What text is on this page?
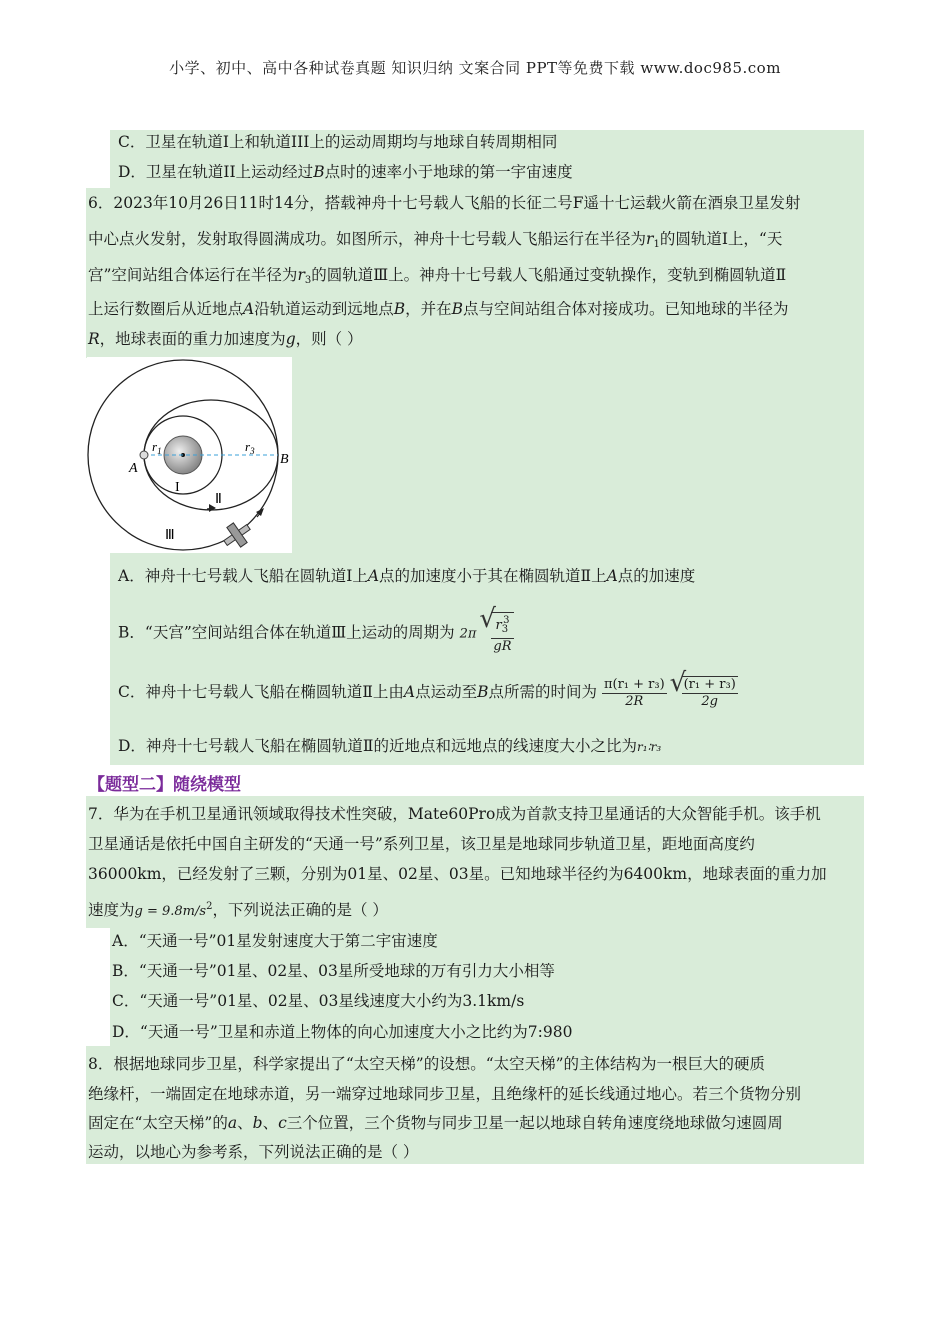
小学、初中、高中各种试卷真题 知识归纳 文案合同 PPT等免费下载 www.doc985.com
C．卫星在轨道I上和轨道III上的运动周期均与地球自转周期相同
D．卫星在轨道II上运动经过B点时的速率小于地球的第一宇宙速度
6．2023年10月26日11时14分，搭载神舟十七号载人飞船的长征二号F遥十七运载火箭在酒泉卫星发射
中心点火发射，发射取得圆满成功。如图所示，神舟十七号载人飞船运行在半径为$r_1$的圆轨道Ⅰ上，“天
宫”空间站组合体运行在半径为$r_3$的圆轨道Ⅲ上。神舟十七号载人飞船通过变轨操作，变轨到椭圆轨道Ⅱ
上运行数圈后从近地点A沿轨道运动到远地点B，并在B点与空间站组合体对接成功。已知地球的半径为
R，地球表面的重力加速度为g，则（ ）
$r_1$	$r_3$
A
B
I
Ⅱ
Ⅲ
A．神舟十七号载人飞船在圆轨道Ⅰ上A点的加速度小于其在椭圆轨道Ⅱ上A点的加速度
B．“天宫”空间站组合体在轨道Ⅲ上运动的周期为 2π √ $\frac{r_3^3}{gR}$
C．神舟十七号载人飞船在椭圆轨道Ⅱ上由A点运动至B点所需的时间为 $\frac{\text{π(r₁ + r₃)}}{2R}$
√ $\frac{\text{(r₁ + r₃)}}{2g}$
D．神舟十七号载人飞船在椭圆轨道Ⅱ的近地点和远地点的线速度大小之比为r₁∶r₃
【题型二】随绕模型
7．华为在手机卫星通讯领域取得技术性突破，Mate60Pro成为首款支持卫星通话的大众智能手机。该手机
卫星通话是依托中国自主研发的“天通一号”系列卫星，该卫星是地球同步轨道卫星，距地面高度约
36000km，已经发射了三颗，分别为01星、02星、03星。已知地球半径约为6400km，地球表面的重力加
速度为$g = 9.8m/s^2$，下列说法正确的是（ ）
A．“天通一号”01星发射速度大于第二宇宙速度
B．“天通一号”01星、02星、03星所受地球的万有引力大小相等
C．“天通一号”01星、02星、03星线速度大小约为3.1km/s
D．“天通一号”卫星和赤道上物体的向心加速度大小之比约为7:980
8．根据地球同步卫星，科学家提出了“太空天梯”的设想。“太空天梯”的主体结构为一根巨大的硬质
绝缘杆，一端固定在地球赤道，另一端穿过地球同步卫星，且绝缘杆的延长线通过地心。若三个货物分别
固定在“太空天梯”的a、b、c三个位置，三个货物与同步卫星一起以地球自转角速度绕地球做匀速圆周
运动，以地心为参考系，下列说法正确的是（ ）
